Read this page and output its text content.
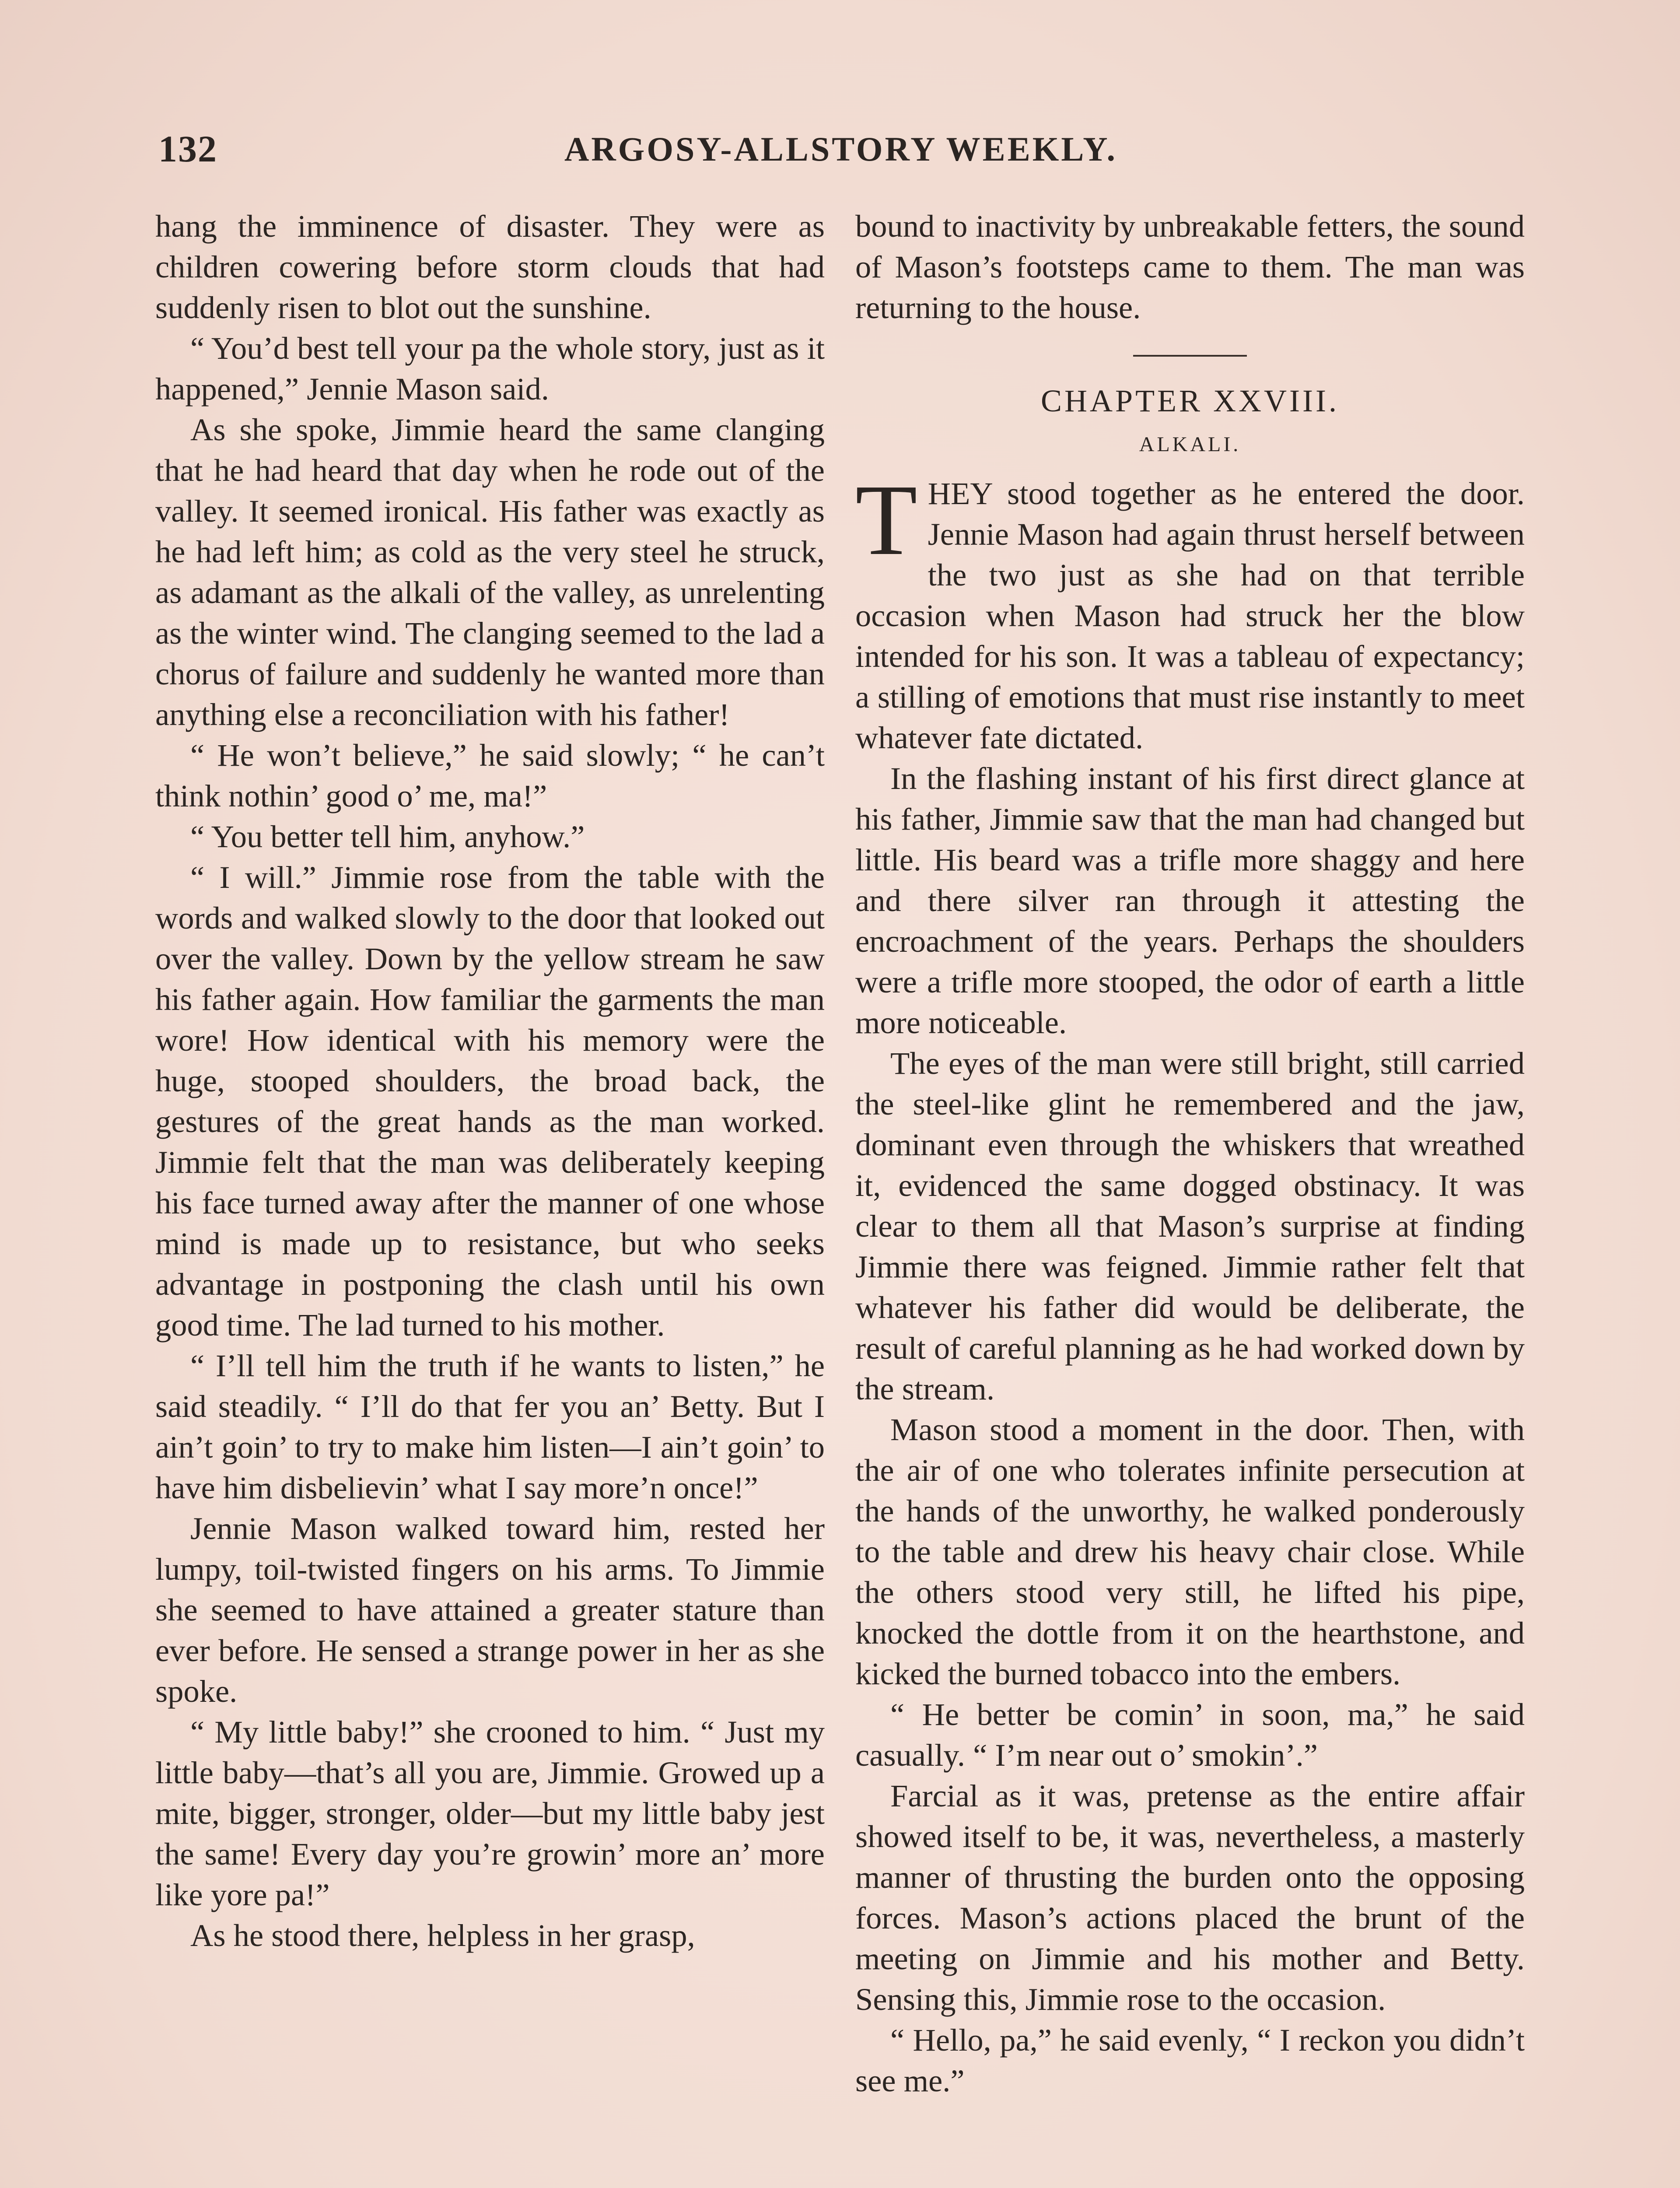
132	ARGOSY-ALLSTORY WEEKLY.

hang the imminence of disaster. They were as children cowering before storm clouds that had suddenly risen to blot out the sunshine.

“ You’d best tell your pa the whole story, just as it happened,” Jennie Mason said.

As she spoke, Jimmie heard the same clanging that he had heard that day when he rode out of the valley. It seemed ironical. His father was exactly as he had left him; as cold as the very steel he struck, as adamant as the alkali of the valley, as unrelenting as the winter wind. The clanging seemed to the lad a chorus of failure and suddenly he wanted more than anything else a reconciliation with his father!

“ He won’t believe,” he said slowly; “ he can’t think nothin’ good o’ me, ma!”

“ You better tell him, anyhow.”

“ I will.” Jimmie rose from the table with the words and walked slowly to the door that looked out over the valley. Down by the yellow stream he saw his father again. How familiar the garments the man wore! How identical with his memory were the huge, stooped shoulders, the broad back, the gestures of the great hands as the man worked. Jimmie felt that the man was deliberately keeping his face turned away after the manner of one whose mind is made up to resistance, but who seeks advantage in postponing the clash until his own good time. The lad turned to his mother.

“ I’ll tell him the truth if he wants to listen,” he said steadily. “ I’ll do that fer you an’ Betty. But I ain’t goin’ to try to make him listen—I ain’t goin’ to have him disbelievin’ what I say more’n once!”

Jennie Mason walked toward him, rested her lumpy, toil-twisted fingers on his arms. To Jimmie she seemed to have attained a greater stature than ever before. He sensed a strange power in her as she spoke.

“ My little baby!” she crooned to him. “ Just my little baby—that’s all you are, Jimmie. Growed up a mite, bigger, stronger, older—but my little baby jest the same! Every day you’re growin’ more an’ more like yore pa!”

As he stood there, helpless in her grasp,

bound to inactivity by unbreakable fetters, the sound of Mason’s footsteps came to them. The man was returning to the house.

CHAPTER XXVIII.

ALKALI.

THEY stood together as he entered the door. Jennie Mason had again thrust herself between the two just as she had on that terrible occasion when Mason had struck her the blow intended for his son. It was a tableau of expectancy; a stilling of emotions that must rise instantly to meet whatever fate dictated.

In the flashing instant of his first direct glance at his father, Jimmie saw that the man had changed but little. His beard was a trifle more shaggy and here and there silver ran through it attesting the encroachment of the years. Perhaps the shoulders were a trifle more stooped, the odor of earth a little more noticeable.

The eyes of the man were still bright, still carried the steel-like glint he remembered and the jaw, dominant even through the whiskers that wreathed it, evidenced the same dogged obstinacy. It was clear to them all that Mason’s surprise at finding Jimmie there was feigned. Jimmie rather felt that whatever his father did would be deliberate, the result of careful planning as he had worked down by the stream.

Mason stood a moment in the door. Then, with the air of one who tolerates infinite persecution at the hands of the unworthy, he walked ponderously to the table and drew his heavy chair close. While the others stood very still, he lifted his pipe, knocked the dottle from it on the hearthstone, and kicked the burned tobacco into the embers.

“ He better be comin’ in soon, ma,” he said casually. “ I’m near out o’ smokin’.”

Farcial as it was, pretense as the entire affair showed itself to be, it was, nevertheless, a masterly manner of thrusting the burden onto the opposing forces. Mason’s actions placed the brunt of the meeting on Jimmie and his mother and Betty. Sensing this, Jimmie rose to the occasion.

“ Hello, pa,” he said evenly, “ I reckon you didn’t see me.”
